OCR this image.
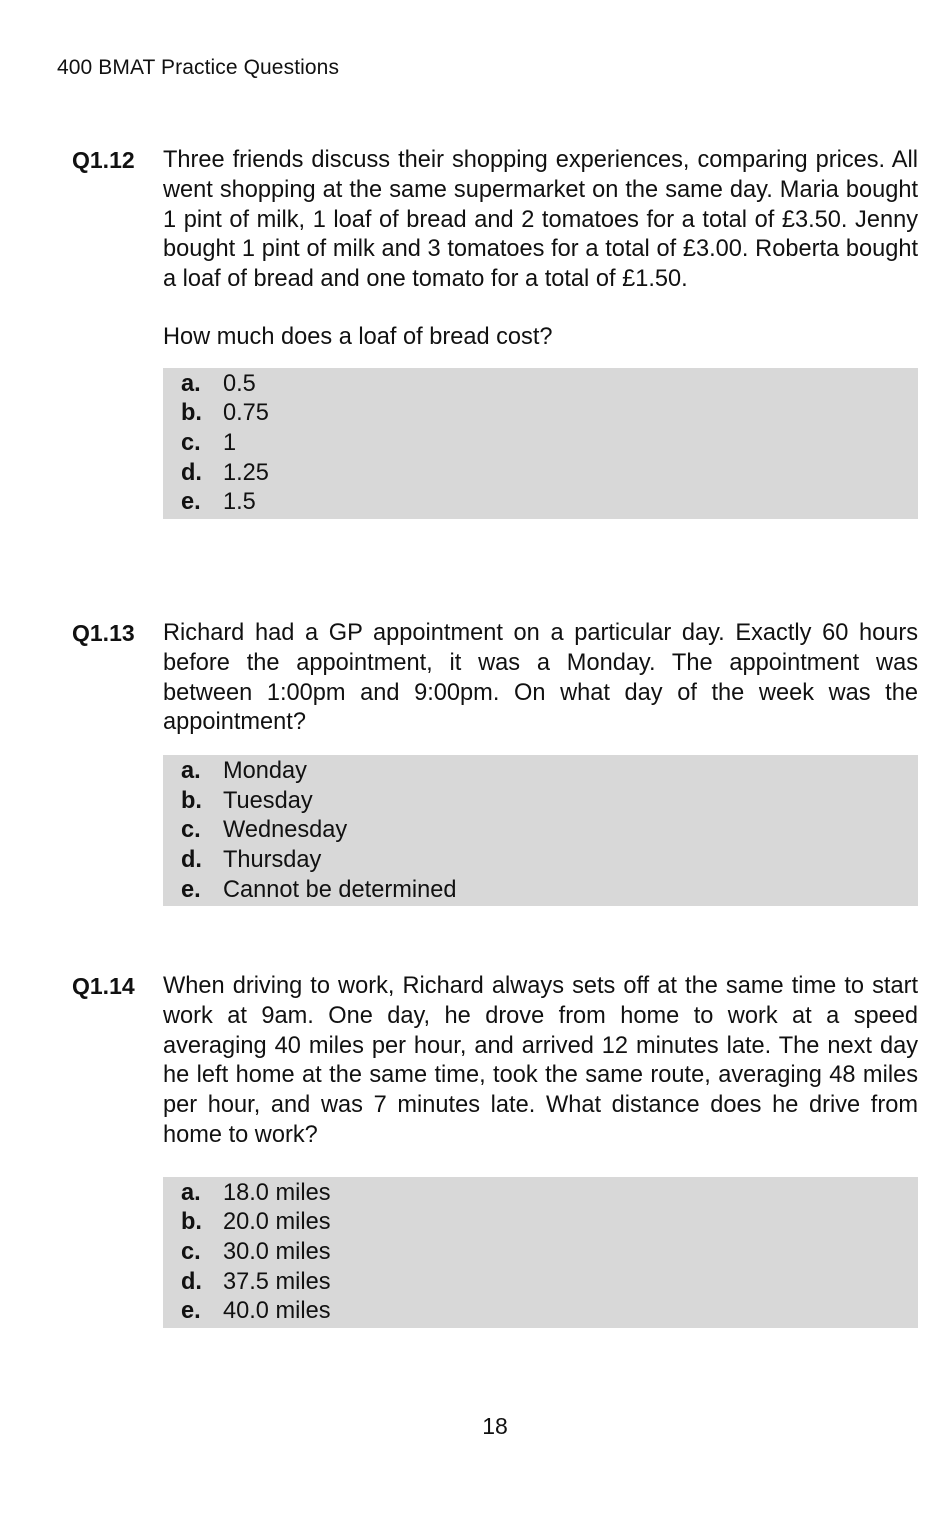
400 BMAT Practice Questions
Q1.12 Three friends discuss their shopping experiences, comparing prices. All went shopping at the same supermarket on the same day. Maria bought 1 pint of milk, 1 loaf of bread and 2 tomatoes for a total of £3.50. Jenny bought 1 pint of milk and 3 tomatoes for a total of £3.00. Roberta bought a loaf of bread and one tomato for a total of £1.50.

How much does a loaf of bread cost?

a. 0.5
b. 0.75
c. 1
d. 1.25
e. 1.5
Q1.13 Richard had a GP appointment on a particular day. Exactly 60 hours before the appointment, it was a Monday. The appointment was between 1:00pm and 9:00pm. On what day of the week was the appointment?

a. Monday
b. Tuesday
c. Wednesday
d. Thursday
e. Cannot be determined
Q1.14 When driving to work, Richard always sets off at the same time to start work at 9am. One day, he drove from home to work at a speed averaging 40 miles per hour, and arrived 12 minutes late. The next day he left home at the same time, took the same route, averaging 48 miles per hour, and was 7 minutes late. What distance does he drive from home to work?

a. 18.0 miles
b. 20.0 miles
c. 30.0 miles
d. 37.5 miles
e. 40.0 miles
18
